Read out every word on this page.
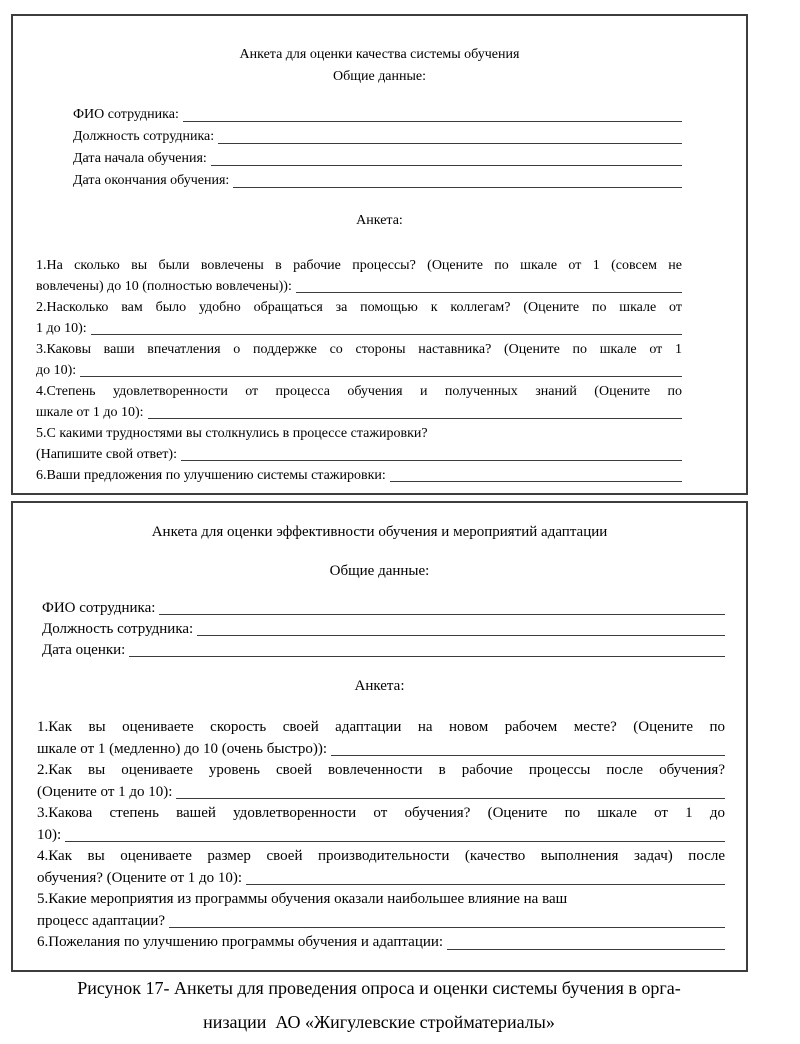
Анкета для оценки качества системы обучения
Общие данные:
ФИО сотрудника:
Должность сотрудника:
Дата начала обучения:
Дата окончания обучения:
Анкета:
1.На сколько вы были вовлечены в рабочие процессы? (Оцените по шкале от 1 (совсем не
вовлечены) до 10 (полностью вовлечены)):
2.Насколько вам было удобно обращаться за помощью к коллегам? (Оцените по шкале от
1 до 10):
3.Каковы ваши впечатления о поддержке со стороны наставника? (Оцените по шкале от 1
до 10):
4.Степень удовлетворенности от процесса обучения и полученных знаний (Оцените по
шкале от 1 до 10):
5.С какими трудностями вы столкнулись в процессе стажировки?
(Напишите свой ответ):
6.Ваши предложения по улучшению системы стажировки:
Анкета для оценки эффективности обучения и мероприятий адаптации
Общие данные:
ФИО сотрудника:
Должность сотрудника:
Дата оценки:
Анкета:
1.Как вы оцениваете скорость своей адаптации на новом рабочем месте? (Оцените по
шкале от 1 (медленно) до 10 (очень быстро)):
2.Как вы оцениваете уровень своей вовлеченности в рабочие процессы после обучения?
(Оцените от 1 до 10):
3.Какова степень вашей удовлетворенности от обучения? (Оцените по шкале от 1 до
10):
4.Как вы оцениваете размер своей производительности (качество выполнения задач) после
обучения? (Оцените от 1 до 10):
5.Какие мероприятия из программы обучения оказали наибольшее влияние на ваш
процесс адаптации?
6.Пожелания по улучшению программы обучения и адаптации:
Рисунок 17- Анкеты для проведения опроса и оценки системы бучения в орга-
низации  АО «Жигулевские стройматериалы»
